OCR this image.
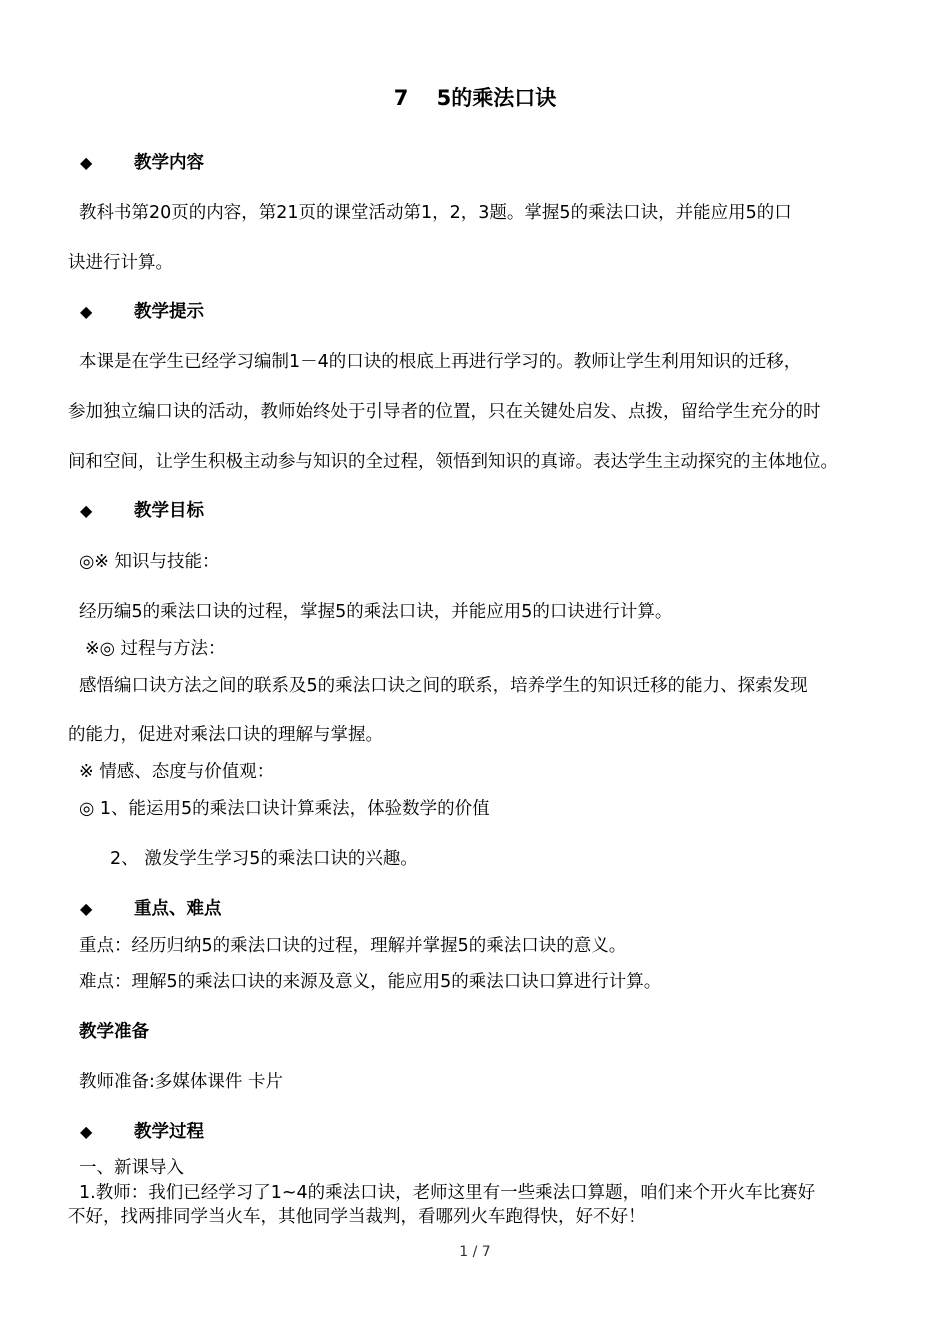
7　 5的乘法口诀
◆ 教学内容
教科书第20页的内容，第21页的课堂活动第1，2，3题。掌握5的乘法口诀，并能应用5的口
诀进行计算。
◆ 教学提示
本课是在学生已经学习编制1－4的口诀的根底上再进行学习的。教师让学生利用知识的迁移，
参加独立编口诀的活动，教师始终处于引导者的位置，只在关键处启发、点拨，留给学生充分的时
间和空间，让学生积极主动参与知识的全过程，领悟到知识的真谛。表达学生主动探究的主体地位。
◆ 教学目标
◎※ 知识与技能：
经历编5的乘法口诀的过程，掌握5的乘法口诀，并能应用5的口诀进行计算。
※◎ 过程与方法：
感悟编口诀方法之间的联系及5的乘法口诀之间的联系，培养学生的知识迁移的能力、探索发现
的能力，促进对乘法口诀的理解与掌握。
※ 情感、态度与价值观：
◎ 1、能运用5的乘法口诀计算乘法，体验数学的价值
2、 激发学生学习5的乘法口诀的兴趣。
◆ 重点、难点
重点：经历归纳5的乘法口诀的过程，理解并掌握5的乘法口诀的意义。
难点：理解5的乘法口诀的来源及意义，能应用5的乘法口诀口算进行计算。
教学准备
教师准备:多媒体课件 卡片
◆ 教学过程
一、新课导入
1.教师：我们已经学习了1~4的乘法口诀，老师这里有一些乘法口算题，咱们来个开火车比赛好
不好，找两排同学当火车，其他同学当裁判，看哪列火车跑得快，好不好！
1 / 7
